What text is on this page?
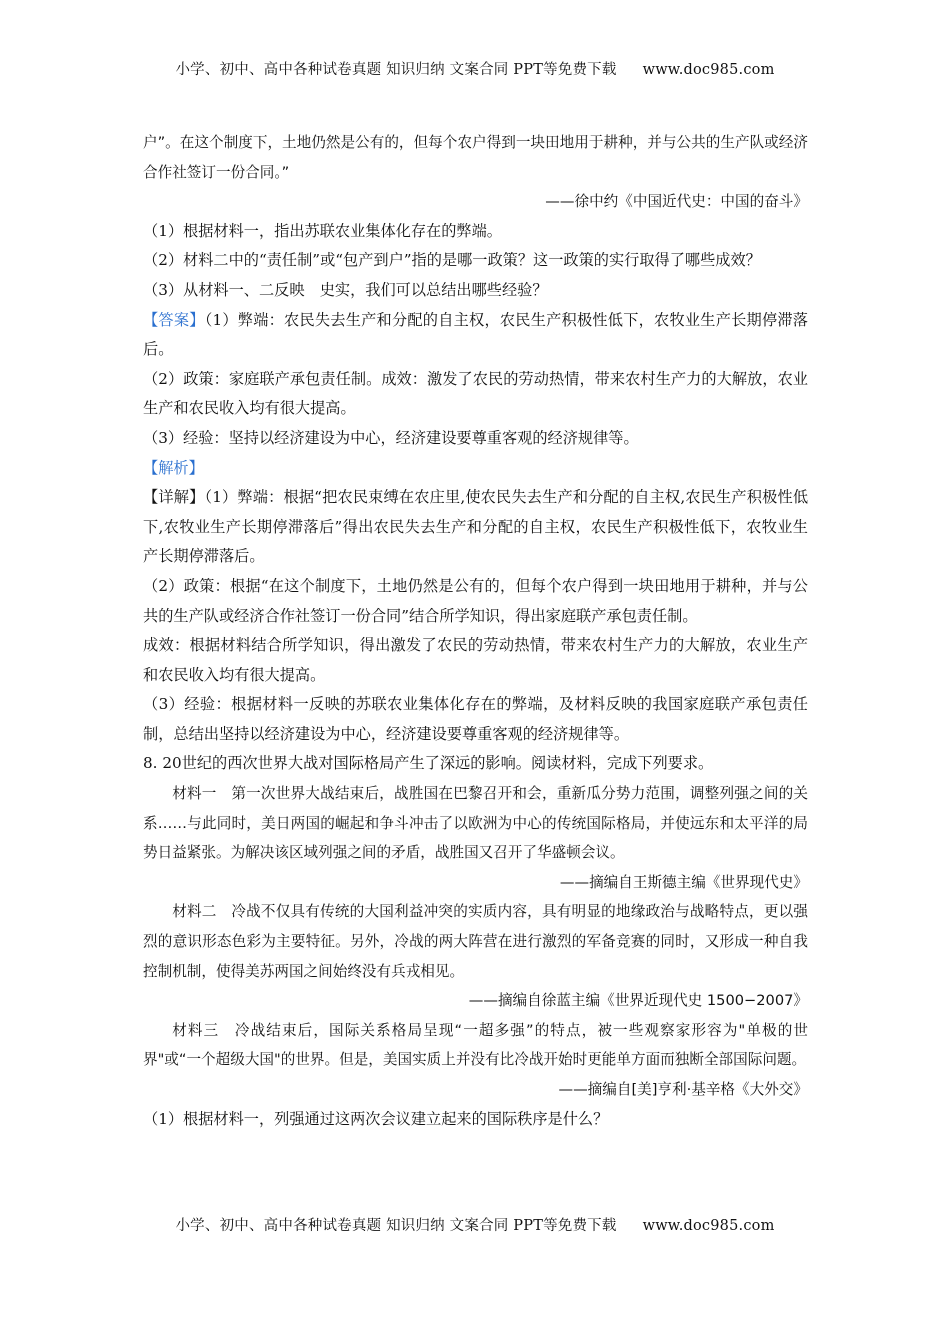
小学、初中、高中各种试卷真题 知识归纳 文案合同 PPT等免费下载 www.doc985.com

户”。在这个制度下，土地仍然是公有的，但每个农户得到一块田地用于耕种，并与公共的生产队或经济合作社签订一份合同。”

——徐中约《中国近代史：中国的奋斗》

（1）根据材料一，指出苏联农业集体化存在的弊端。

（2）材料二中的“责任制”或“包产到户”指的是哪一政策？这一政策的实行取得了哪些成效？

（3）从材料一、二反映　史实，我们可以总结出哪些经验？

【答案】（1）弊端：农民失去生产和分配的自主权，农民生产积极性低下，农牧业生产长期停滞落后。

（2）政策：家庭联产承包责任制。成效：激发了农民的劳动热情，带来农村生产力的大解放，农业生产和农民收入均有很大提高。

（3）经验：坚持以经济建设为中心，经济建设要尊重客观的经济规律等。

【解析】

【详解】（1）弊端：根据“把农民束缚在农庄里,使农民失去生产和分配的自主权,农民生产积极性低下,农牧业生产长期停滞落后”得出农民失去生产和分配的自主权，农民生产积极性低下，农牧业生产长期停滞落后。

（2）政策：根据“在这个制度下，土地仍然是公有的，但每个农户得到一块田地用于耕种，并与公共的生产队或经济合作社签订一份合同”结合所学知识，得出家庭联产承包责任制。

成效：根据材料结合所学知识，得出激发了农民的劳动热情，带来农村生产力的大解放，农业生产和农民收入均有很大提高。

（3）经验：根据材料一反映的苏联农业集体化存在的弊端，及材料反映的我国家庭联产承包责任制，总结出坚持以经济建设为中心，经济建设要尊重客观的经济规律等。

8. 20世纪的西次世界大战对国际格局产生了深远的影响。阅读材料，完成下列要求。

材料一　第一次世界大战结束后，战胜国在巴黎召开和会，重新瓜分势力范围，调整列强之间的关系……与此同时，美日两国的崛起和争斗冲击了以欧洲为中心的传统国际格局，并使远东和太平洋的局势日益紧张。为解决该区域列强之间的矛盾，战胜国又召开了华盛顿会议。

——摘编自王斯德主编《世界现代史》

材料二　冷战不仅具有传统的大国利益冲突的实质内容，具有明显的地缘政治与战略特点，更以强烈的意识形态色彩为主要特征。另外，冷战的两大阵营在进行激烈的军备竞赛的同时，又形成一种自我控制机制，使得美苏两国之间始终没有兵戎相见。

——摘编自徐蓝主编《世界近现代史 1500−2007》

材料三　冷战结束后，国际关系格局呈现“一超多强”的特点，被一些观察家形容为"单极的世界"或“一个超级大国"的世界。但是，美国实质上并没有比冷战开始时更能单方面而独断全部国际问题。

——摘编自[美]亨利·基辛格《大外交》

（1）根据材料一，列强通过这两次会议建立起来的国际秩序是什么？

小学、初中、高中各种试卷真题 知识归纳 文案合同 PPT等免费下载 www.doc985.com
